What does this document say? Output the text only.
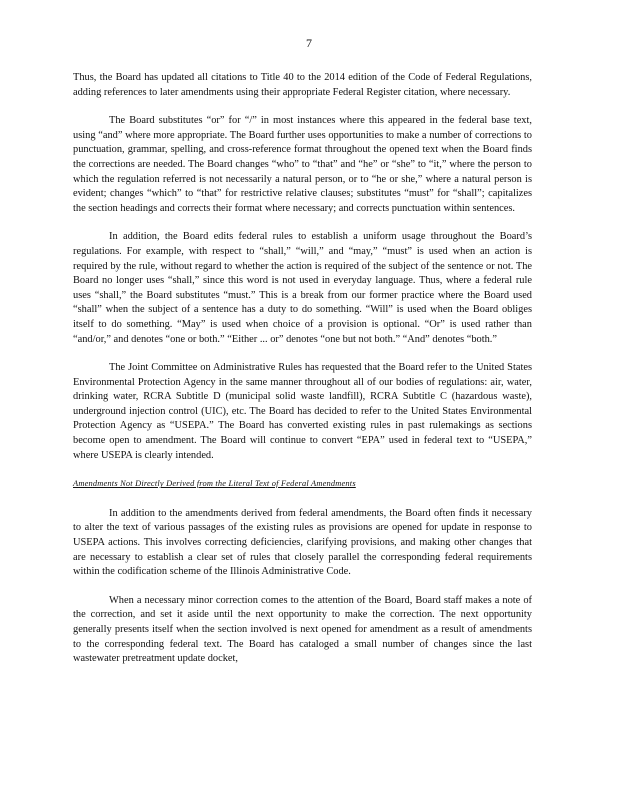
7

Thus, the Board has updated all citations to Title 40 to the 2014 edition of the Code of Federal Regulations, adding references to later amendments using their appropriate Federal Register citation, where necessary.

The Board substitutes “or” for “/” in most instances where this appeared in the federal base text, using “and” where more appropriate. The Board further uses opportunities to make a number of corrections to punctuation, grammar, spelling, and cross-reference format throughout the opened text when the Board finds the corrections are needed. The Board changes “who” to “that” and “he” or “she” to “it,” where the person to which the regulation referred is not necessarily a natural person, or to “he or she,” where a natural person is evident; changes “which” to “that” for restrictive relative clauses; substitutes “must” for “shall”; capitalizes the section headings and corrects their format where necessary; and corrects punctuation within sentences.

In addition, the Board edits federal rules to establish a uniform usage throughout the Board’s regulations. For example, with respect to “shall,” “will,” and “may,” “must” is used when an action is required by the rule, without regard to whether the action is required of the subject of the sentence or not. The Board no longer uses “shall,” since this word is not used in everyday language. Thus, where a federal rule uses “shall,” the Board substitutes “must.” This is a break from our former practice where the Board used “shall” when the subject of a sentence has a duty to do something. “Will” is used when the Board obliges itself to do something. “May” is used when choice of a provision is optional. “Or” is used rather than “and/or,” and denotes “one or both.” “Either ... or” denotes “one but not both.” “And” denotes “both.”

The Joint Committee on Administrative Rules has requested that the Board refer to the United States Environmental Protection Agency in the same manner throughout all of our bodies of regulations: air, water, drinking water, RCRA Subtitle D (municipal solid waste landfill), RCRA Subtitle C (hazardous waste), underground injection control (UIC), etc. The Board has decided to refer to the United States Environmental Protection Agency as “USEPA.” The Board has converted existing rules in past rulemakings as sections become open to amendment. The Board will continue to convert “EPA” used in federal text to “USEPA,” where USEPA is clearly intended.

Amendments Not Directly Derived from the Literal Text of Federal Amendments

In addition to the amendments derived from federal amendments, the Board often finds it necessary to alter the text of various passages of the existing rules as provisions are opened for update in response to USEPA actions. This involves correcting deficiencies, clarifying provisions, and making other changes that are necessary to establish a clear set of rules that closely parallel the corresponding federal requirements within the codification scheme of the Illinois Administrative Code.

When a necessary minor correction comes to the attention of the Board, Board staff makes a note of the correction, and set it aside until the next opportunity to make the correction. The next opportunity generally presents itself when the section involved is next opened for amendment as a result of amendments to the corresponding federal text. The Board has cataloged a small number of changes since the last wastewater pretreatment update docket,
